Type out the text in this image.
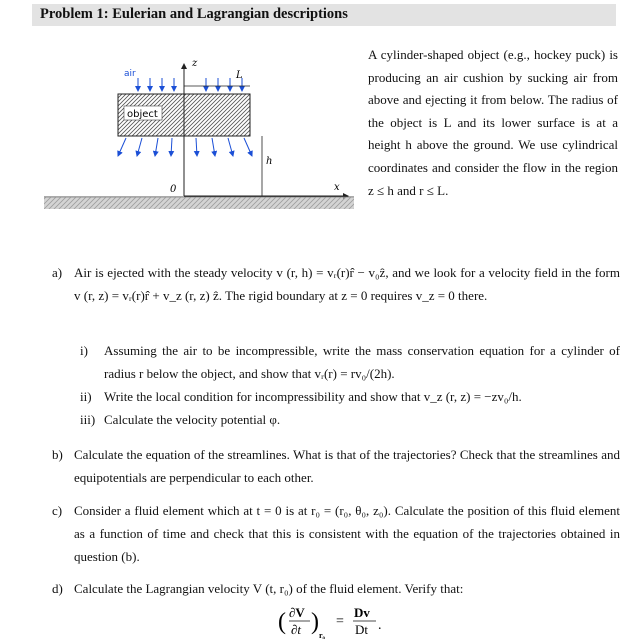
Problem 1: Eulerian and Lagrangian descriptions
object
air
z
L
h
0	x
A cylinder-shaped object (e.g., hockey puck) is producing an air cushion by sucking air from above and ejecting it from below. The radius of the object is L and its lower surface is at a height h above the ground. We use cylindrical coordinates and consider the flow in the region z ≤ h and r ≤ L.
a) Air is ejected with the steady velocity v (r, h) = vᵣ(r)r̂ − v₀ẑ, and we look for a velocity field in the form v (r, z) = vᵣ(r)r̂ + v_z (r, z) ẑ. The rigid boundary at z = 0 requires v_z = 0 there.
i)	Assuming the air to be incompressible, write the mass conservation equation for a cylinder of radius r below the object, and show that vᵣ(r) = rv₀/(2h).
ii) Write the local condition for incompressibility and show that v_z (r, z) = −zv₀/h.
iii) Calculate the velocity potential φ.
b) Calculate the equation of the streamlines. What is that of the trajectories? Check that the streamlines and equipotentials are perpendicular to each other.
c) Consider a fluid element which at t = 0 is at r₀ = (r₀, θ₀, z₀). Calculate the position of this fluid element as a function of time and check that this is consistent with the equation of the trajectories obtained in question (b).
d) Calculate the Lagrangian velocity V (t, r₀) of the fluid element. Verify that:
( ∂V
∂t )
r₀
=
Dv
Dt .
